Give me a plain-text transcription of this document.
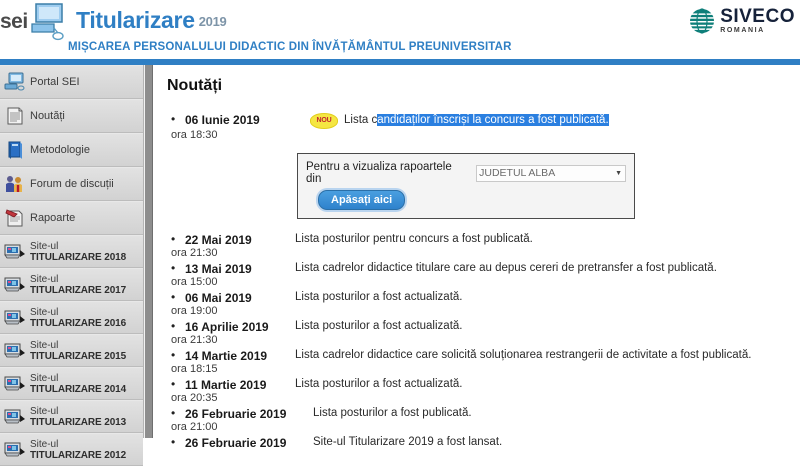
sei Titularizare 2019
MIȘCAREA PERSONALULUI DIDACTIC DIN ÎNVĂȚĂMÂNTUL PREUNIVERSITAR
SIVECO
ROMANIA
Portal SEI
Noutăți
Metodologie
Forum de discuții
Rapoarte
Site-ul
TITULARIZARE 2018
Site-ul
TITULARIZARE 2017
Site-ul
TITULARIZARE 2016
Site-ul
TITULARIZARE 2015
Site-ul
TITULARIZARE 2014
Site-ul
TITULARIZARE 2013
Site-ul
TITULARIZARE 2012
Noutăți
• 06 Iunie 2019	NOU Lista candidaților înscriși la concurs a fost publicată.
ora 18:30
Pentru a vizualiza rapoartele din	JUDETUL ALBA	▼
Apăsați aici
• 22 Mai 2019	Lista posturilor pentru concurs a fost publicată.
ora 21:30
• 13 Mai 2019	Lista cadrelor didactice titulare care au depus cereri de pretransfer a fost publicată.
ora 15:00
• 06 Mai 2019	Lista posturilor a fost actualizată.
ora 19:00
• 16 Aprilie 2019	Lista posturilor a fost actualizată.
ora 21:30
• 14 Martie 2019	Lista cadrelor didactice care solicită soluționarea restrangerii de activitate a fost publicată.
ora 18:15
• 11 Martie 2019	Lista posturilor a fost actualizată.
ora 20:35
• 26 Februarie 2019	Lista posturilor a fost publicată.
ora 21:00
• 26 Februarie 2019	Site-ul Titularizare 2019 a fost lansat.
